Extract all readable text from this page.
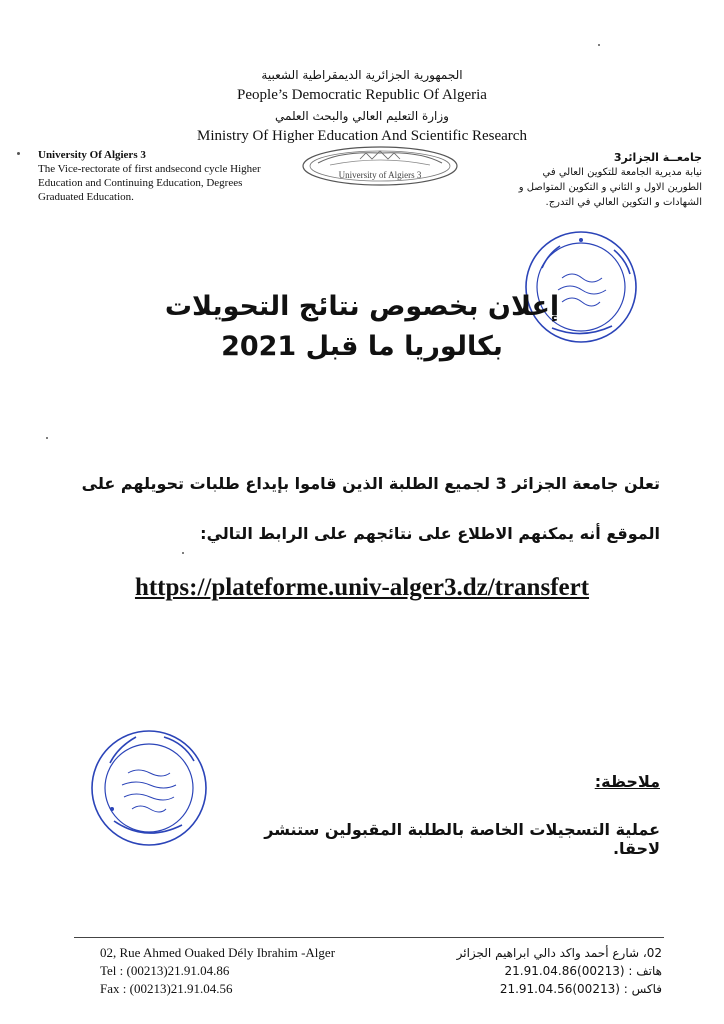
الجمهورية الجزائرية الديمقراطية الشعبية
People’s Democratic Republic Of Algeria
وزارة التعليم العالي والبحث العلمي
Ministry Of Higher Education And Scientific Research
University Of Algiers 3
The Vice-rectorate of first andsecond cycle Higher
Education and Continuing Education, Degrees
Graduated Education.
University of Algiers 3
جامعــة الجزائر3
نيابة مديرية الجامعة للتكوين العالي في
الطورين الاول و الثاني و التكوين المتواصل و
الشهادات و التكوين العالي في التدرج.
إعلان بخصوص نتائج التحويلات
بكالوريا ما قبل 2021
تعلن جامعة الجزائر 3 لجميع الطلبة الذين قاموا بإيداع طلبات تحويلهم على
الموقع أنه يمكنهم الاطلاع على نتائجهم على الرابط التالي:
https://plateforme.univ-alger3.dz/transfert
ملاحظة:
عملية التسجيلات الخاصة بالطلبة المقبولين ستنشر لاحقا.
02, Rue Ahmed Ouaked Dély Ibrahim -Alger
Tel : (00213)21.91.04.86
Fax : (00213)21.91.04.56
02، شارع أحمد واكد دالي ابراهيم الجزائر
هاتف : (00213)21.91.04.86
فاكس : (00213)21.91.04.56
